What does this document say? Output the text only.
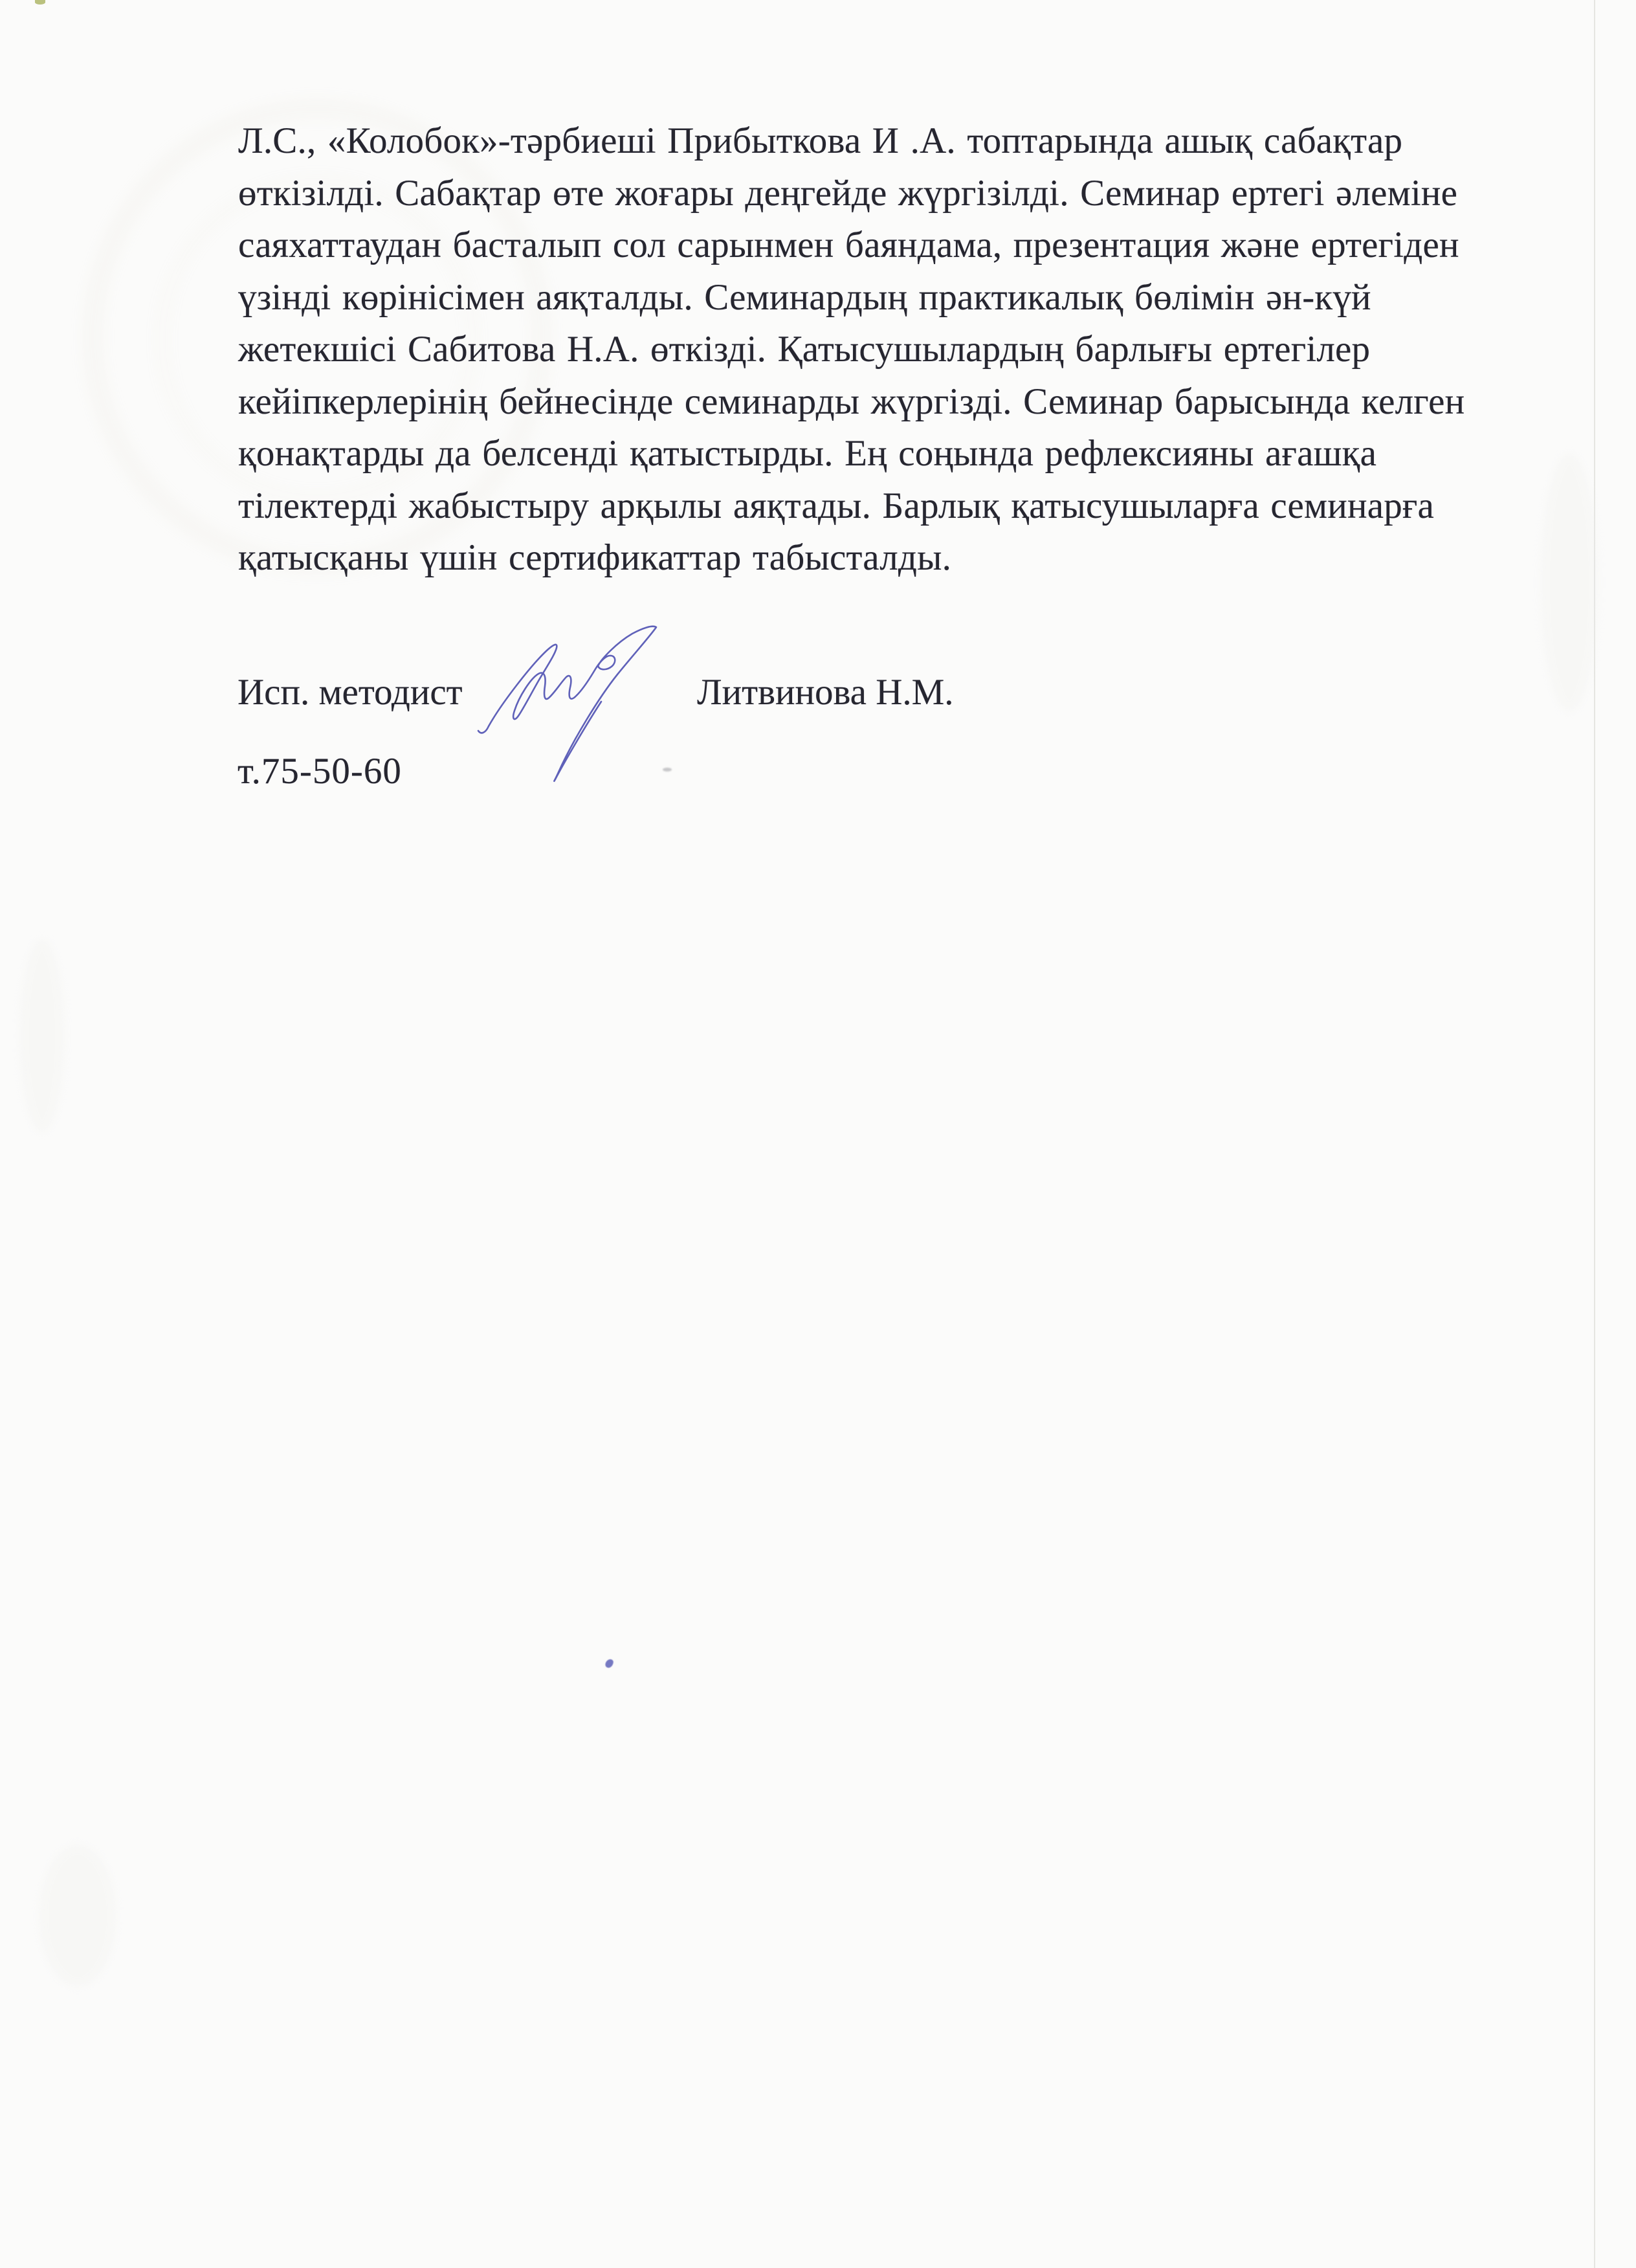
Л.С., «Колобок»-тәрбиеші Прибыткова И .А. топтарында ашық сабақтар
өткізілді. Сабақтар өте жоғары деңгейде жүргізілді. Семинар ертегі әлеміне
саяхаттаудан басталып сол сарынмен баяндама, презентация және ертегіден
үзінді көрінісімен аяқталды. Семинардың практикалық бөлімін ән-күй
жетекшісі Сабитова Н.А. өткізді. Қатысушылардың барлығы ертегілер
кейіпкерлерінің бейнесінде семинарды жүргізді. Семинар барысында келген
қонақтарды да белсенді қатыстырды. Ең соңында рефлексияны ағашқа
тілектерді жабыстыру арқылы аяқтады. Барлық қатысушыларға семинарға
қатысқаны үшін сертификаттар табысталды.
Исп. методист	Литвинова Н.М.
т.75-50-60
